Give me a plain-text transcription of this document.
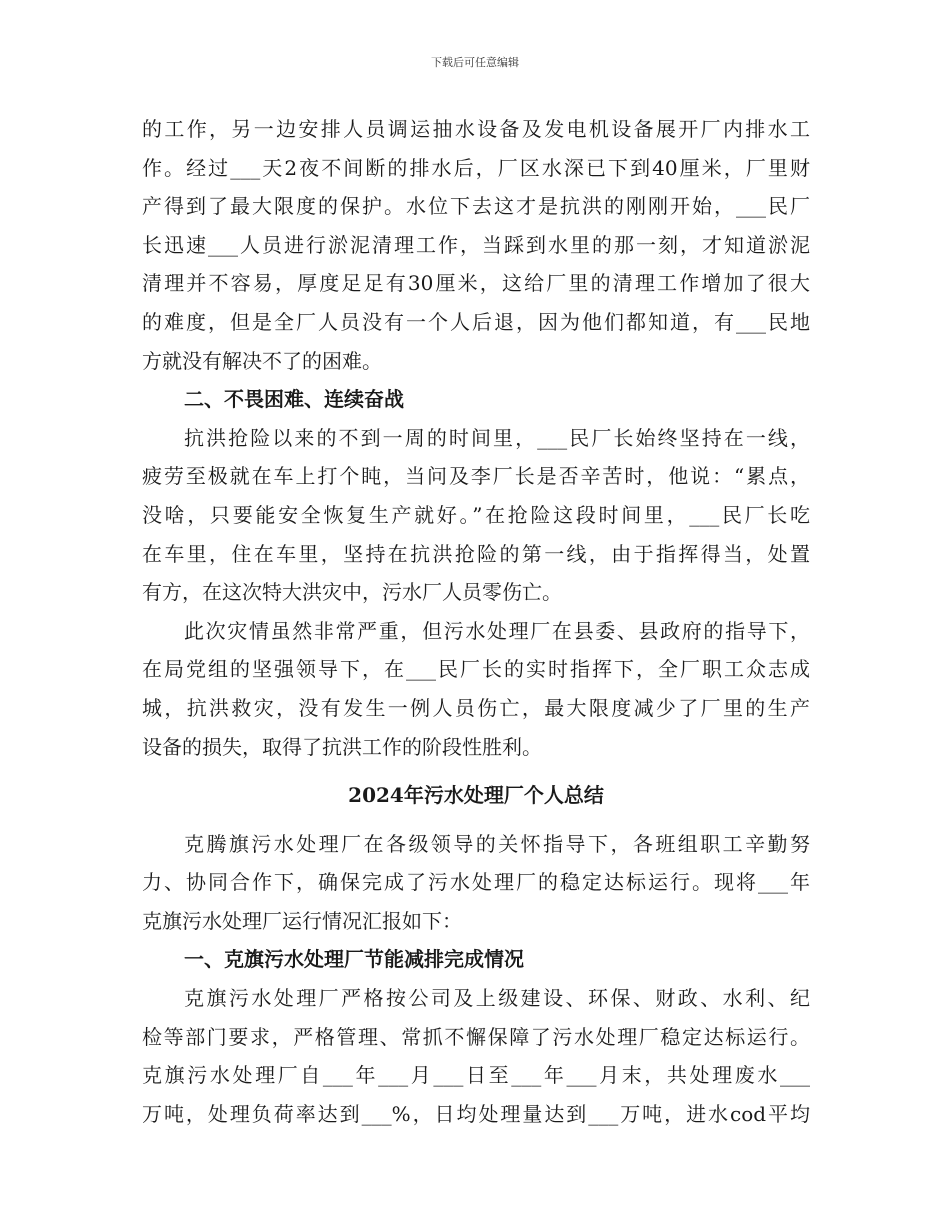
下载后可任意编辑
的工作，另一边安排人员调运抽水设备及发电机设备展开厂内排水工
作。经过___天2夜不间断的排水后，厂区水深已下到40厘米，厂里财
产得到了最大限度的保护。水位下去这才是抗洪的刚刚开始，___民厂
长迅速___人员进行淤泥清理工作，当踩到水里的那一刻，才知道淤泥
清理并不容易，厚度足足有30厘米，这给厂里的清理工作增加了很大
的难度，但是全厂人员没有一个人后退，因为他们都知道，有___民地
方就没有解决不了的困难。
二、不畏困难、连续奋战
抗洪抢险以来的不到一周的时间里，___民厂长始终坚持在一线，
疲劳至极就在车上打个盹，当问及李厂长是否辛苦时，他说：“累点，
没啥，只要能安全恢复生产就好。”在抢险这段时间里，___民厂长吃
在车里，住在车里，坚持在抗洪抢险的第一线，由于指挥得当，处置
有方，在这次特大洪灾中，污水厂人员零伤亡。
此次灾情虽然非常严重，但污水处理厂在县委、县政府的指导下，
在局党组的坚强领导下，在___民厂长的实时指挥下，全厂职工众志成
城，抗洪救灾，没有发生一例人员伤亡，最大限度减少了厂里的生产
设备的损失，取得了抗洪工作的阶段性胜利。
2024年污水处理厂个人总结
克腾旗污水处理厂在各级领导的关怀指导下，各班组职工辛勤努
力、协同合作下，确保完成了污水处理厂的稳定达标运行。现将___年
克旗污水处理厂运行情况汇报如下：
一、克旗污水处理厂节能减排完成情况
克旗污水处理厂严格按公司及上级建设、环保、财政、水利、纪
检等部门要求，严格管理、常抓不懈保障了污水处理厂稳定达标运行。
克旗污水处理厂自___年___月___日至___年___月末，共处理废水___
万吨，处理负荷率达到___%，日均处理量达到___万吨，进水cod平均
